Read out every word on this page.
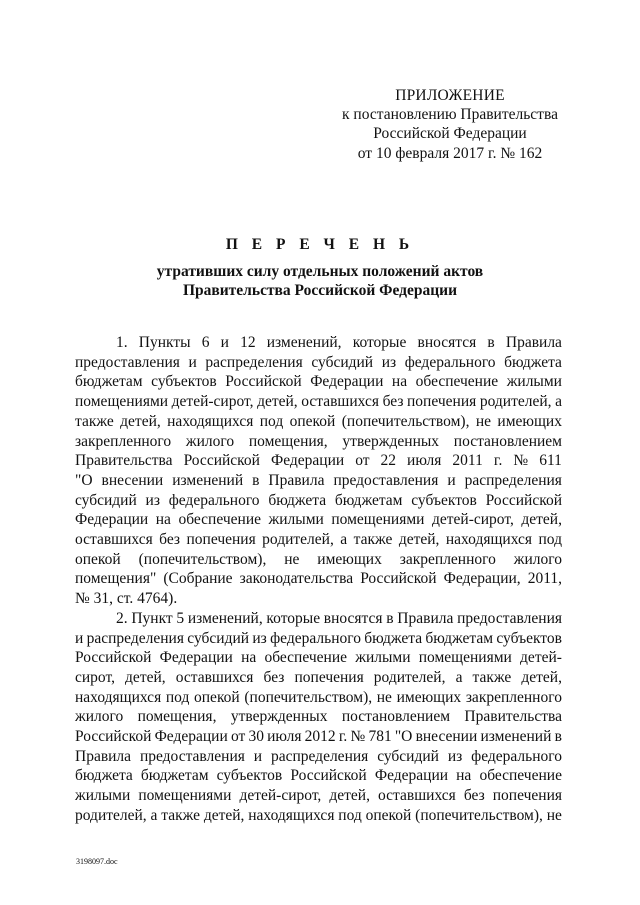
ПРИЛОЖЕНИЕ
к постановлению Правительства
Российской Федерации
от 10 февраля 2017 г. № 162
П Е Р Е Ч Е Н Ь
утративших силу отдельных положений актов
Правительства Российской Федерации
1. Пункты 6 и 12 изменений, которые вносятся в Правила
предоставления и распределения субсидий из федерального бюджета
бюджетам субъектов Российской Федерации на обеспечение жилыми
помещениями детей-сирот, детей, оставшихся без попечения родителей, а
также детей, находящихся под опекой (попечительством), не имеющих
закрепленного жилого помещения, утвержденных постановлением
Правительства Российской Федерации от 22 июля 2011 г. № 611
"О внесении изменений в Правила предоставления и распределения
субсидий из федерального бюджета бюджетам субъектов Российской
Федерации на обеспечение жилыми помещениями детей-сирот, детей,
оставшихся без попечения родителей, а также детей, находящихся под
опекой (попечительством), не имеющих закрепленного жилого
помещения" (Собрание законодательства Российской Федерации, 2011,
№ 31, ст. 4764).
2. Пункт 5 изменений, которые вносятся в Правила предоставления
и распределения субсидий из федерального бюджета бюджетам субъектов
Российской Федерации на обеспечение жилыми помещениями детей-
сирот, детей, оставшихся без попечения родителей, а также детей,
находящихся под опекой (попечительством), не имеющих закрепленного
жилого помещения, утвержденных постановлением Правительства
Российской Федерации от 30 июля 2012 г. № 781 "О внесении изменений в
Правила предоставления и распределения субсидий из федерального
бюджета бюджетам субъектов Российской Федерации на обеспечение
жилыми помещениями детей-сирот, детей, оставшихся без попечения
родителей, а также детей, находящихся под опекой (попечительством), не
3198097.doc
